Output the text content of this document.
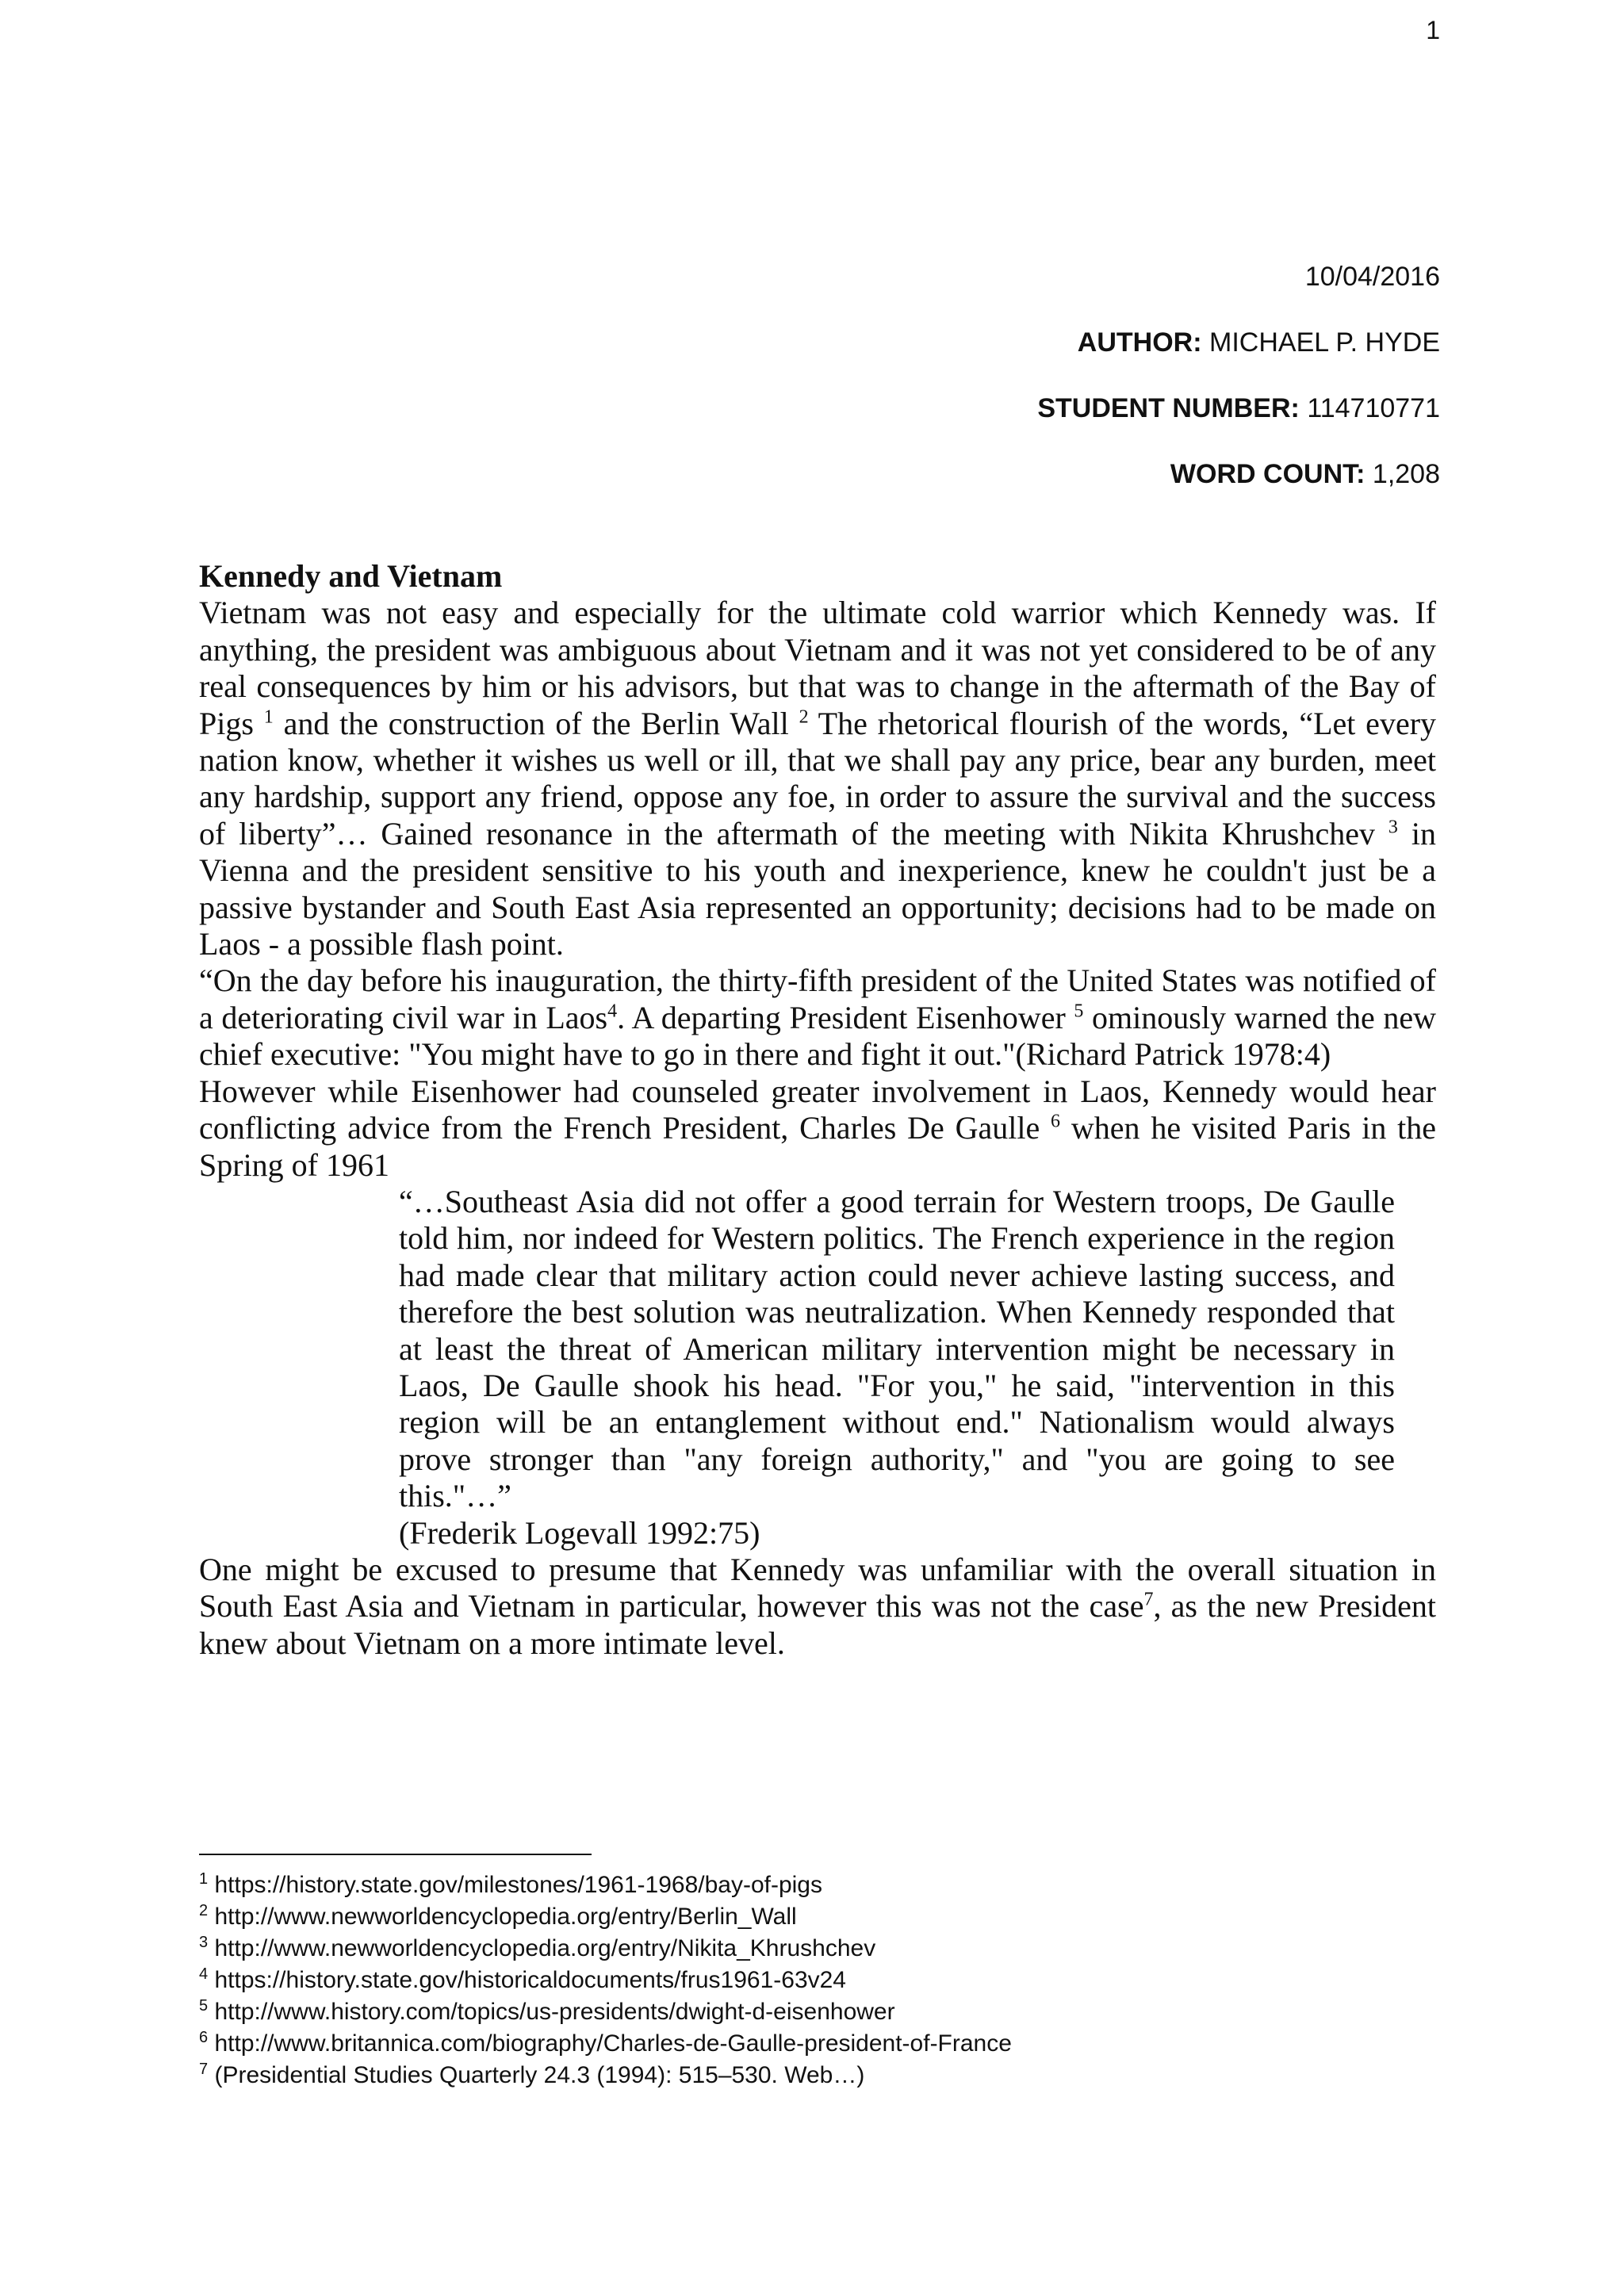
1
10/04/2016
AUTHOR: MICHAEL P. HYDE
STUDENT NUMBER: 114710771
WORD COUNT: 1,208

Kennedy and Vietnam

Vietnam was not easy and especially for the ultimate cold warrior which Kennedy was. If anything, the president was ambiguous about Vietnam and it was not yet considered to be of any real consequences by him or his advisors, but that was to change in the aftermath of the Bay of Pigs $^1$ and the construction of the Berlin Wall $^2$ The rhetorical flourish of the words, “Let every nation know, whether it wishes us well or ill, that we shall pay any price, bear any burden, meet any hardship, support any friend, oppose any foe, in order to assure the survival and the success of liberty”… Gained resonance in the aftermath of the meeting with Nikita Khrushchev $^3$ in Vienna and the president sensitive to his youth and inexperience, knew he couldn't just be a passive bystander and South East Asia represented an opportunity; decisions had to be made on Laos - a possible flash point.

“On the day before his inauguration, the thirty-fifth president of the United States was notified of a deteriorating civil war in Laos$^4$. A departing President Eisenhower $^5$ ominously warned the new chief executive: "You might have to go in there and fight it out."(Richard Patrick 1978:4)

However while Eisenhower had counseled greater involvement in Laos, Kennedy would hear conflicting advice from the French President, Charles De Gaulle $^6$ when he visited Paris in the Spring of 1961

“…Southeast Asia did not offer a good terrain for Western troops, De Gaulle told him, nor indeed for Western politics. The French experience in the region had made clear that military action could never achieve lasting success, and therefore the best solution was neutralization. When Kennedy responded that at least the threat of American military intervention might be necessary in Laos, De Gaulle shook his head. "For you," he said, "intervention in this region will be an entanglement without end." Nationalism would always prove stronger than "any foreign authority," and "you are going to see this."…”
(Frederik Logevall 1992:75)

One might be excused to presume that Kennedy was unfamiliar with the overall situation in South East Asia and Vietnam in particular, however this was not the case$^7$, as the new President knew about Vietnam on a more intimate level.

$^1$ https://history.state.gov/milestones/1961-1968/bay-of-pigs

$^2$ http://www.newworldencyclopedia.org/entry/Berlin_Wall

$^3$ http://www.newworldencyclopedia.org/entry/Nikita_Khrushchev

$^4$ https://history.state.gov/historicaldocuments/frus1961-63v24

$^5$ http://www.history.com/topics/us-presidents/dwight-d-eisenhower

$^6$ http://www.britannica.com/biography/Charles-de-Gaulle-president-of-France

$^7$ (Presidential Studies Quarterly 24.3 (1994): 515–530. Web…)
